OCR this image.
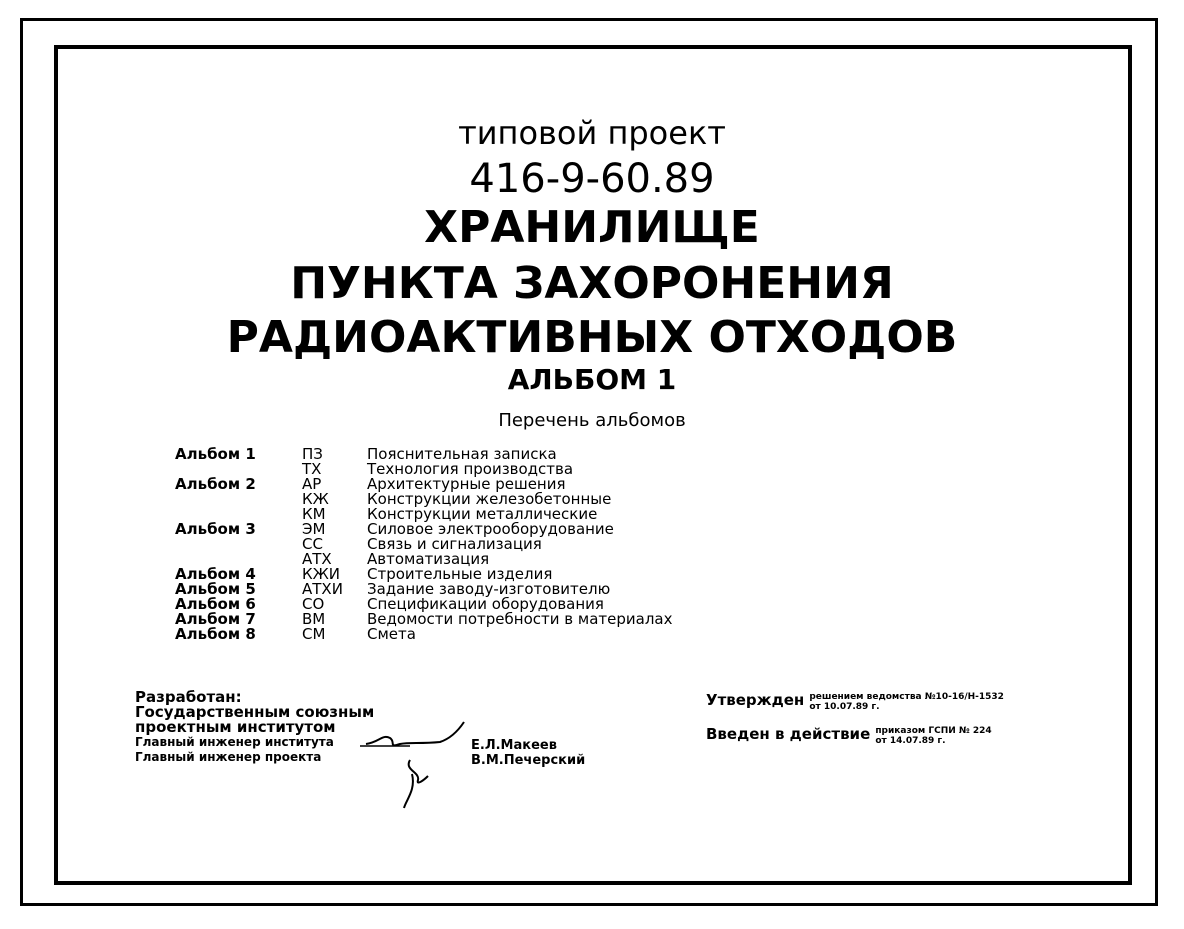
типовой проект
416-9-60.89
ХРАНИЛИЩЕ
ПУНКТА ЗАХОРОНЕНИЯ
РАДИОАКТИВНЫХ ОТХОДОВ
АЛЬБОМ 1
Перечень альбомов
Альбом 1	ПЗ	Пояснительная записка
ТХ	Технология производства
Альбом 2	АР	Архитектурные решения
КЖ	Конструкции железобетонные
КМ	Конструкции металлические
Альбом 3	ЭМ	Силовое электрооборудование
СС	Связь и сигнализация
АТХ Автоматизация
Альбом 4	КЖИ Строительные изделия
Альбом 5	АТХИ Задание заводу-изготовителю
Альбом 6	СО	Спецификации оборудования
Альбом 7	ВМ	Ведомости потребности в материалах
Альбом 8	СМ	Смета
Разработан:
Государственным союзным
проектным институтом
Главный инженер института
Главный инженер проекта
Е.Л.Макеев
В.М.Печерский
Утвержден решением ведомства №10-16/Н-1532
от 10.07.89 г.
Введен в действие приказом ГСПИ № 224
от 14.07.89 г.
